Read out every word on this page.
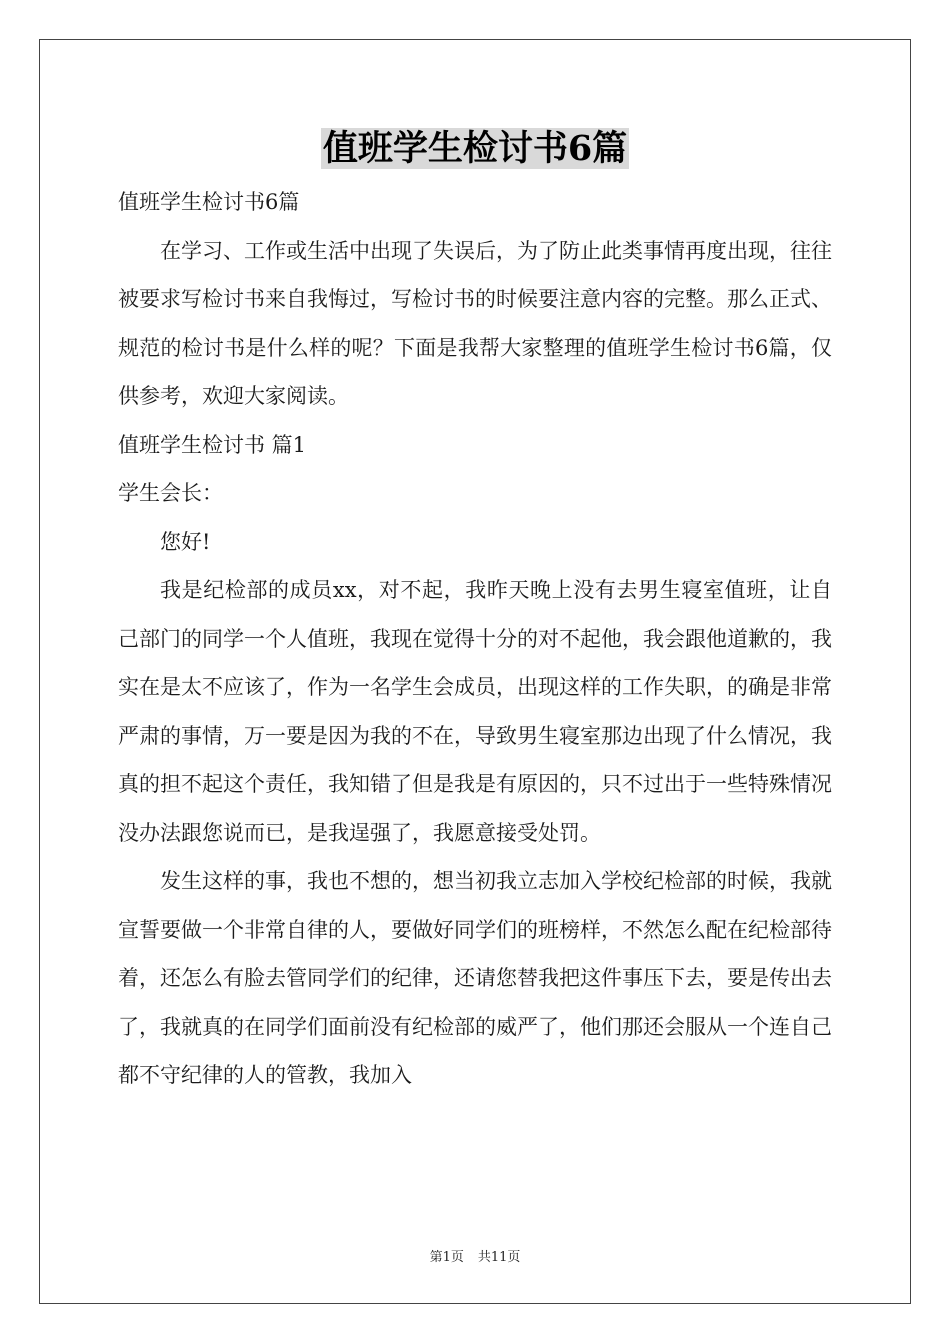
值班学生检讨书6篇

值班学生检讨书6篇

在学习、工作或生活中出现了失误后，为了防止此类事情再度出现，往往被要求写检讨书来自我悔过，写检讨书的时候要注意内容的完整。那么正式、规范的检讨书是什么样的呢？下面是我帮大家整理的值班学生检讨书6篇，仅供参考，欢迎大家阅读。

值班学生检讨书 篇1

学生会长：

您好!

我是纪检部的成员xx，对不起，我昨天晚上没有去男生寝室值班，让自己部门的同学一个人值班，我现在觉得十分的对不起他，我会跟他道歉的，我实在是太不应该了，作为一名学生会成员，出现这样的工作失职，的确是非常严肃的事情，万一要是因为我的不在，导致男生寝室那边出现了什么情况，我真的担不起这个责任，我知错了但是我是有原因的，只不过出于一些特殊情况没办法跟您说而已，是我逞强了，我愿意接受处罚。

发生这样的事，我也不想的，想当初我立志加入学校纪检部的时候，我就宣誓要做一个非常自律的人，要做好同学们的班榜样，不然怎么配在纪检部待着，还怎么有脸去管同学们的纪律，还请您替我把这件事压下去，要是传出去了，我就真的在同学们面前没有纪检部的威严了，他们那还会服从一个连自己都不守纪律的人的管教，我加入

第1页 共11页
